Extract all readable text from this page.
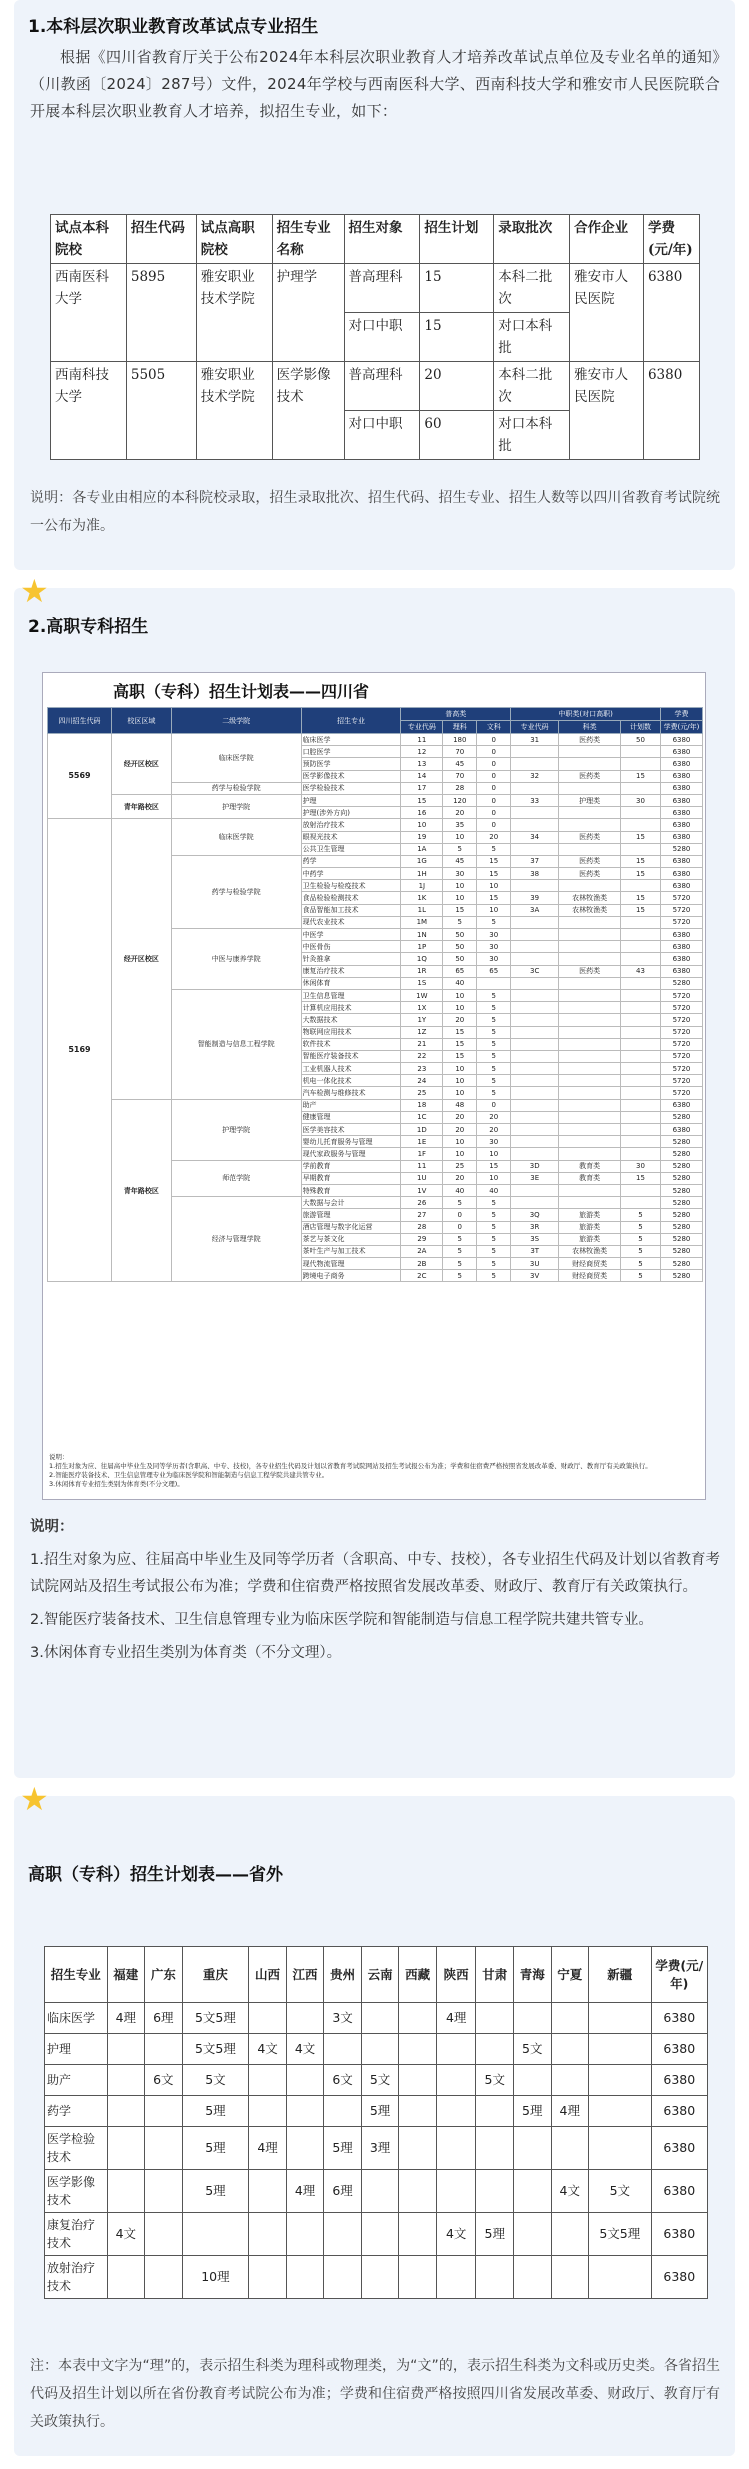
1.本科层次职业教育改革试点专业招生
根据《四川省教育厅关于公布2024年本科层次职业教育人才培养改革试点单位及专业名单的通知》（川教函〔2024〕287号）文件，2024年学校与西南医科大学、西南科技大学和雅安市人民医院联合开展本科层次职业教育人才培养，拟招生专业，如下：
试点本科院校	招生代码	试点高职院校	招生专业名称	招生对象	招生计划	录取批次	合作企业	学费(元/年)
西南医科大学	5895	雅安职业技术学院	护理学	普高理科	15	本科二批次	雅安市人民医院	6380
				对口中职	15	对口本科批		
西南科技大学	5505	雅安职业技术学院	医学影像技术	普高理科	20	本科二批次	雅安市人民医院	6380
				对口中职	60	对口本科批		
说明：各专业由相应的本科院校录取，招生录取批次、招生代码、招生专业、招生人数等以四川省教育考试院统一公布为准。
★
2.高职专科招生
高职（专科）招生计划表——四川省
四川招生代码	校区区域	二级学院	招生专业	普高类			中职类(对口高职)			学费
				专业代码	理科	文科	专业代码	科类	计划数	学费(元/年)
5569	经开区校区	临床医学院	临床医学	11	180	0	31	医药类	50	6380
			口腔医学	12	70	0				6380
			预防医学	13	45	0				6380
			医学影像技术	14	70	0	32	医药类	15	6380
		药学与检验学院	医学检验技术	17	28	0				6380
	青年路校区	护理学院	护理	15	120	0	33	护理类	30	6380
			护理(涉外方向)	16	20	0				6380
5169	经开区校区	临床医学院	放射治疗技术	10	35	0				6380
			眼视光技术	19	10	20	34	医药类	15	6380
			公共卫生管理	1A	5	5				5280
		药学与检验学院	药学	1G	45	15	37	医药类	15	6380
			中药学	1H	30	15	38	医药类	15	6380
			卫生检验与检疫技术	1J	10	10				6380
			食品检验检测技术	1K	10	15	39	农林牧渔类	15	5720
			食品智能加工技术	1L	15	10	3A	农林牧渔类	15	5720
			现代农业技术	1M	5	5				5720
		中医与康养学院	中医学	1N	50	30				6380
			中医骨伤	1P	50	30				6380
			针灸推拿	1Q	50	30				6380
			康复治疗技术	1R	65	65	3C	医药类	43	6380
			休闲体育	1S	40					5280
		智能制造与信息工程学院	卫生信息管理	1W	10	5				5720
			计算机应用技术	1X	10	5				5720
			大数据技术	1Y	20	5				5720
			物联网应用技术	1Z	15	5				5720
			软件技术	21	15	5				5720
			智能医疗装备技术	22	15	5				5720
			工业机器人技术	23	10	5				5720
			机电一体化技术	24	10	5				5720
			汽车检测与维修技术	25	10	5				5720
	青年路校区	护理学院	助产	18	48	0				6380
			健康管理	1C	20	20				5280
			医学美容技术	1D	20	20				6380
			婴幼儿托育服务与管理	1E	10	30				5280
			现代家政服务与管理	1F	10	10				5280
		师范学院	学前教育	11	25	15	3D	教育类	30	5280
			早期教育	1U	20	10	3E	教育类	15	5280
			特殊教育	1V	40	40				5280
		经济与管理学院	大数据与会计	26	5	5				5280
			旅游管理	27	0	5	3Q	旅游类	5	5280
			酒店管理与数字化运营	28	0	5	3R	旅游类	5	5280
			茶艺与茶文化	29	5	5	3S	旅游类	5	5280
			茶叶生产与加工技术	2A	5	5	3T	农林牧渔类	5	5280
			现代物流管理	2B	5	5	3U	财经商贸类	5	5280
			跨境电子商务	2C	5	5	3V	财经商贸类	5	5280
说明：
1.招生对象为应、往届高中毕业生及同等学历者(含职高、中专、技校)，各专业招生代码及计划以省教育考试院网站及招生考试报公布为准；学费和住宿费严格按照省发展改革委、财政厅、教育厅有关政策执行。
2.智能医疗装备技术、卫生信息管理专业为临床医学院和智能制造与信息工程学院共建共管专业。
3.休闲体育专业招生类别为体育类(不分文理)。

说明：

1.招生对象为应、往届高中毕业生及同等学历者（含职高、中专、技校），各专业招生代码及计划以省教育考试院网站及招生考试报公布为准；学费和住宿费严格按照省发展改革委、财政厅、教育厅有关政策执行。

2.智能医疗装备技术、卫生信息管理专业为临床医学院和智能制造与信息工程学院共建共管专业。

3.休闲体育专业招生类别为体育类（不分文理）。

★
高职（专科）招生计划表——省外
招生专业	福建	广东	重庆	山西	江西	贵州	云南	西藏	陕西	甘肃	青海	宁夏	新疆	学费(元/年)
临床医学	4理	6理	5文5理			3文			4理					6380
护理			5文5理	4文	4文						5文			6380
助产		6文	5文			6文	5文			5文				6380
药学			5理				5理				5理	4理		6380
医学检验技术			5理	4理		5理	3理							6380
医学影像技术			5理		4理	6理						4文	5文	6380
康复治疗技术	4文								4文	5理			5文5理	6380
放射治疗技术			10理											6380
注：本表中文字为“理”的，表示招生科类为理科或物理类，为“文”的，表示招生科类为文科或历史类。各省招生代码及招生计划以所在省份教育考试院公布为准；学费和住宿费严格按照四川省发展改革委、财政厅、教育厅有关政策执行。
